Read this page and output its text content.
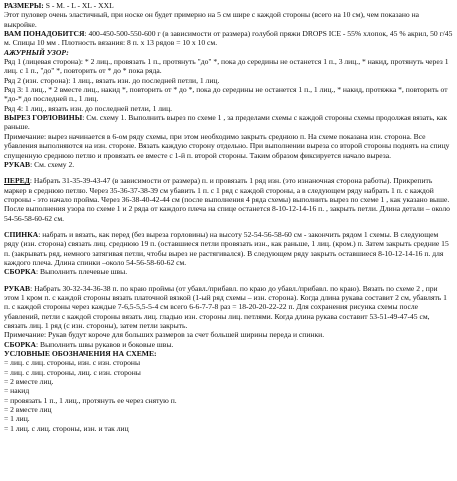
РАЗМЕРЫ: S - M. - L - XL - XXL

Этот пуловер очень эластичный, при носке он будет примерно на 5 см шире с каждой стороны (всего на 10 см), чем показано на выкройке.

ВАМ ПОНАДОБИТСЯ: 400-450-500-550-600 г (в зависимости от размера) голубой пряжи DROPS ICE - 55% хлопок, 45 % акрил, 50 г/45 м. Спицы 10 мм . Плотность вязания: 8 п. х 13 рядов = 10 х 10 см.

АЖУРНЫЙ УЗОР:

Ряд 1 (лицевая сторона): * 2 лиц., провязать 1 п., протянуть "до" *, пока до середины не останется 1 п., 3 лиц., * накид, протянуть через 1 лиц. с 1 п., "до" *, повторить от * до * пока ряда.

Ряд 2 (изн. сторона): 1 лиц., вязать изн. до последней петли, 1 лиц.

Ряд 3: 1 лиц., * 2 вместе лиц., накид *, повторить от * до *, пока до середины не останется 1 п., 1 лиц., * накид, протяжка *, повторить от *до-* до последней п., 1 лиц.

Ряд 4: 1 лиц., вязать изн. до последней петли, 1 лиц.

ВЫРЕЗ ГОРЛОВИНЫ: См. схему 1. Выполнить вырез по схеме 1 , за пределами схемы с каждой стороны схемы продолжая вязать, как раньше.

Примечание: вырез начинается в 6-ом ряду схемы, при этом необходимо закрыть среднюю п. На схеме показана изн. сторона. Все убавления выполняются на изн. стороне. Вязать каждую сторону отдельно. При выполнении выреза со второй стороны поднять на спицу спущенную среднюю петлю и провязать ее вместе с 1-й п. второй стороны. Таким образом фиксируется начало выреза.

РУКАВ: См. схему 2.

ПЕРЕД: Набрать 31-35-39-43-47 (в зависимости от размера) п. и провязать 1 ряд изн. (это изнаночная сторона работы). Прикрепить маркер в среднюю петлю. Через 35-36-37-38-39 см убавить 1 п. с 1 ряд с каждой стороны, а в следующем ряду набрать 1 п. с каждой стороны - это начало пройма. Через 36-38-40-42-44 см (после выполнения 4 ряда схемы) выполнить вырез по схеме 1 , как указано выше.

После выполнения узора по схеме 1 и 2 ряда от каждого плеча на спице останется 8-10-12-14-16 п. , закрыть петли. Длина детали – около 54-56-58-60-62 см.

СПИНКА: набрать и вязать, как перед (без выреза горловины) на высоту 52-54-56-58-60 см - закончить рядом 1 схемы. В следующем ряду (изн. сторона) связать лиц. среднюю 19 п. (оставшиеся петли провязать изн., как раньше, 1 лиц. (кром.) п. Затем закрыть средние 15 п. (закрывать ряд, немного затягивая петли, чтобы вырез не растягивался). В следующем ряду закрыть оставшиеся 8-10-12-14-16 п. для каждого плеча. Длина спинки –около 54-56-58-60-62 см.

СБОРКА: Выполнить плечевые швы.

РУКАВ: Набрать 30-32-34-36-38 п. по краю проймы (от убавл./прибавл. по краю до убавл./прибавл. по краю). Вязать по схеме 2 , при этом 1 кром п. с каждой стороны вязать платочной вязкой (1-ый ряд схемы – изн. сторона). Когда длина рукава составит 2 см, убавлять 1 п. с каждой стороны через каждые 7-6,5-5,5-5-4 см всего 6-6-7-7-8 раз = 18-20-20-22-22 п. Для сохранения рисунка схемы после убавлений, петли с каждой стороны вязать лиц. гладью изн. стороны лиц. петлями. Когда длина рукава составит 53-51-49-47-45 см, связать лиц. 1 ряд (с изн. стороны), затем петли закрыть.

Примечание: Рукав будут короче для больших размеров за счет большей ширины переда и спинки.

СБОРКА: Выполнить швы рукавов и боковые швы.

УСЛОВНЫЕ ОБОЗНАЧЕНИЯ НА СХЕМЕ:

= лиц. с лиц. стороны, изн. с изн. стороны

= лиц. с лиц. стороны, лиц. с изн. стороны

= 2 вместе лиц.

= накид

= провязать 1 п., 1 лиц., протянуть ее через снятую п.

= 2 вместе лиц

= 1 лиц.

= 1 лиц. с лиц. стороны, изн. и так лиц
